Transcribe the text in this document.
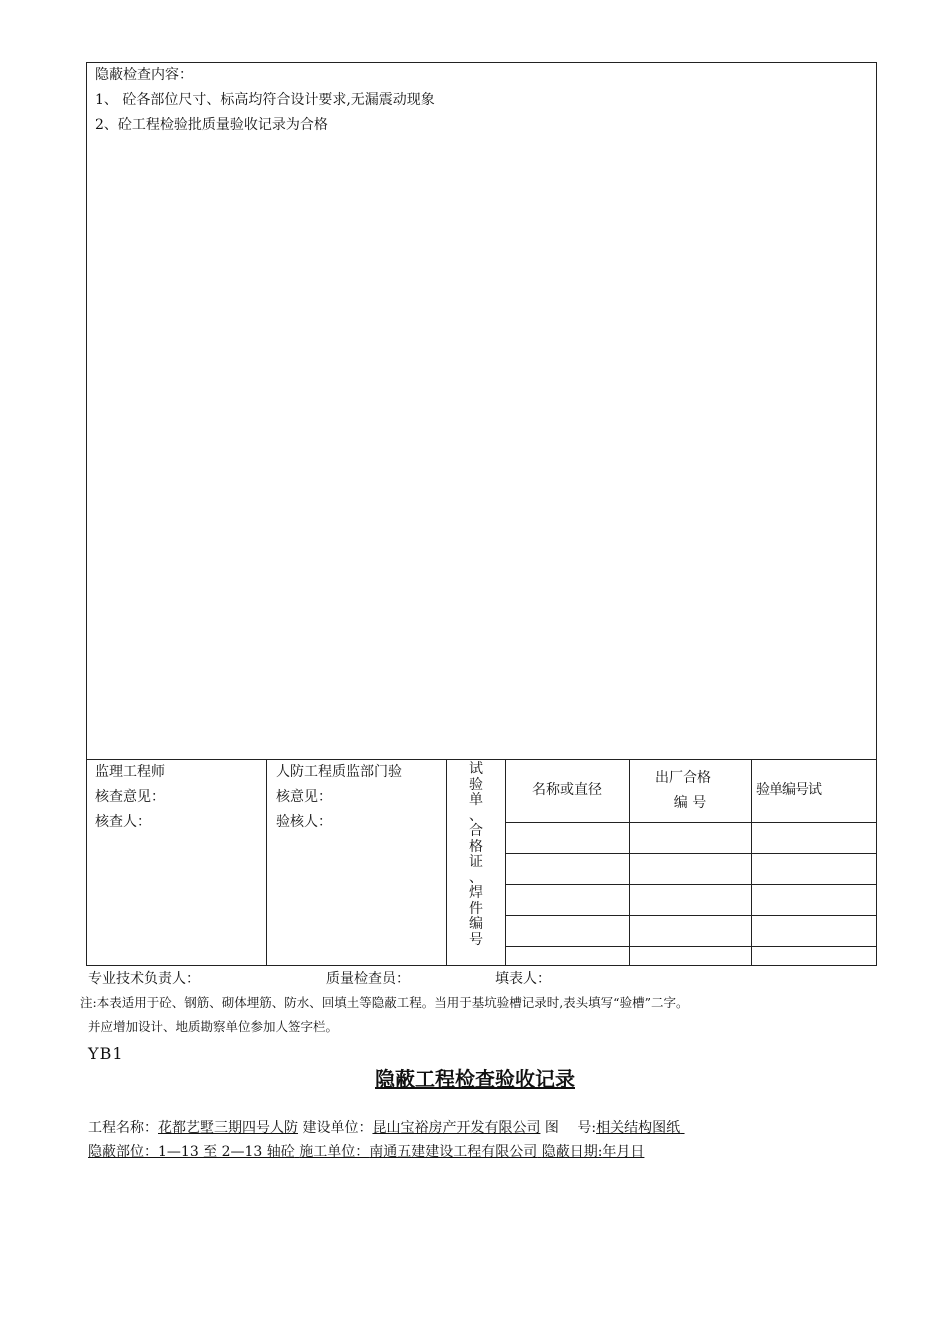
隐蔽检查内容：
1、 砼各部位尺寸、标高均符合设计要求,无漏震动现象
2、砼工程检验批质量验收记录为合格
监理工程师
核查意见：
核查人：
人防工程质监部门验
核意见：
验核人：
试
验
单
、
合
格
证
、
焊
件
编
号
名称或直径
出厂合格
编 号
验单编号试
专业技术负责人：	质量检查员：	填表人：
注:本表适用于砼、钢筋、砌体埋筋、防水、回填土等隐蔽工程。当用于基坑验槽记录时,表头填写“验槽”二字。
并应增加设计、地质勘察单位参加人签字栏。
YB1
隐蔽工程检查验收记录
工程名称：花都艺墅三期四号人防 建设单位：昆山宝裕房产开发有限公司 图　 号:相关结构图纸
隐蔽部位：1—13 至 2—13 轴砼 施工单位：南通五建建设工程有限公司 隐蔽日期:年月日
